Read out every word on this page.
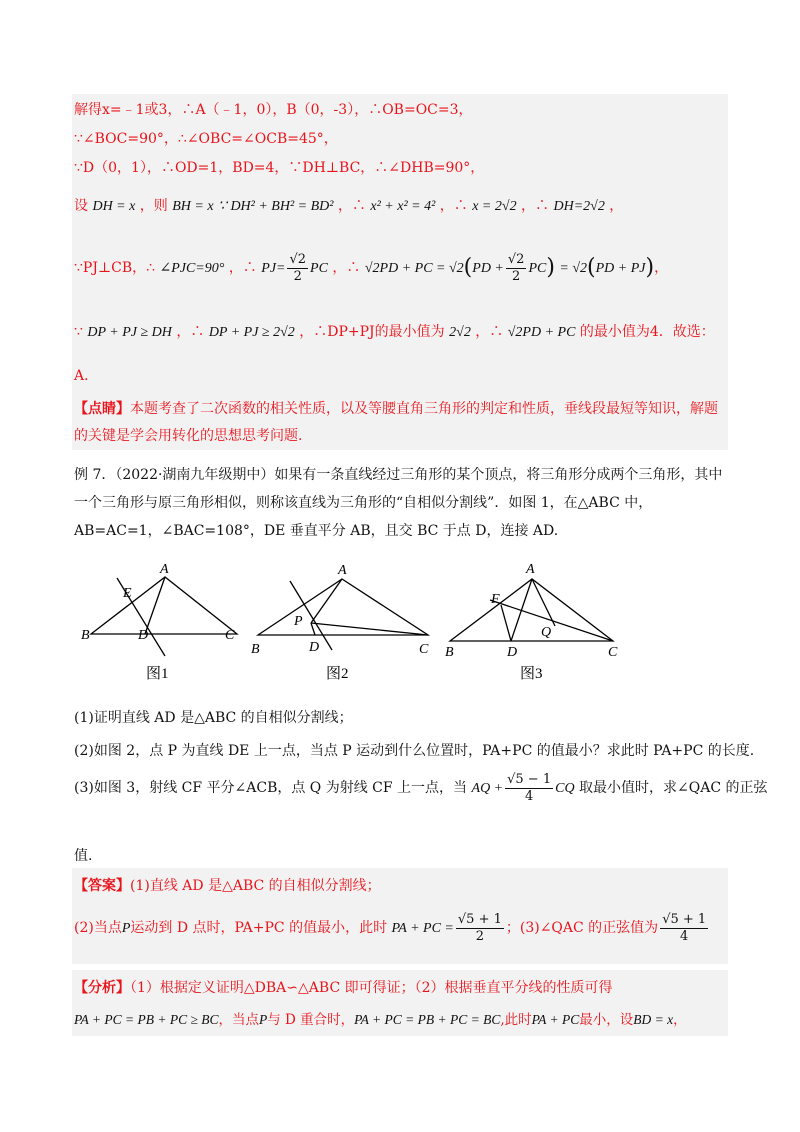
解得x=﹣1或3，∴A（﹣1，0），B（0，-3），∴OB=OC=3，
∵∠BOC=90°，∴∠OBC=∠OCB=45°，
∵D（0，1），∴OD=1，BD=4，∵DH⊥BC，∴∠DHB=90°，
设 DH = x ，则 BH = x ∵ DH² + BH² = BD² ，∴ x² + x² = 4² ，∴ x = 2√2 ，∴ DH=2√2 ，
∵PJ⊥CB，∴ ∠PJC=90° ，∴ $PJ= \frac{√2}{2}$ PC ，∴ √2PD + PC = $√2(PD + \frac{√2}{2} PC) = √2(PD + PJ)$，
∵ DP + PJ ≥ DH ，∴ DP + PJ ≥ 2√2 ，∴DP+PJ的最小值为 2√2 ，∴ √2PD + PC 的最小值为4．故选：
A．
【点睛】本题考查了二次函数的相关性质，以及等腰直角三角形的判定和性质，垂线段最短等知识，解题
的关键是学会用转化的思想思考问题.
例 7．（2022·湖南九年级期中）如果有一条直线经过三角形的某个顶点，将三角形分成两个三角形，其中
一个三角形与原三角形相似，则称该直线为三角形的“自相似分割线”．如图 1，在△ABC 中，
AB=AC=1，∠BAC=108°，DE 垂直平分 AB，且交 BC 于点 D，连接 AD.
A
E
B	D	C
A
P
B	D	C
A
F
Q
B	D	C
图1	图2	图3
(1)证明直线 AD 是△ABC 的自相似分割线；
(2)如图 2，点 P 为直线 DE 上一点，当点 P 运动到什么位置时，PA+PC 的值最小？求此时 PA+PC 的长度.
(3)如图 3，射线 CF 平分∠ACB，点 Q 为射线 CF 上一点，当 AQ + $\frac{√5 - 1}{4}$ CQ 取最小值时，求∠QAC 的正弦
值.
【答案】(1)直线 AD 是△ABC 的自相似分割线；
(2)当点P运动到 D 点时，PA+PC 的值最小，此时 PA + PC = $\frac{√5 + 1}{2}$ ；(3)∠QAC 的正弦值为 $\frac{√5 + 1}{4}$
【分析】（1）根据定义证明△DBA∽△ABC 即可得证；（2）根据垂直平分线的性质可得
PA + PC = PB + PC ≥ BC，当点P与 D 重合时，PA + PC = PB + PC = BC,此时PA + PC最小，设BD = x，
